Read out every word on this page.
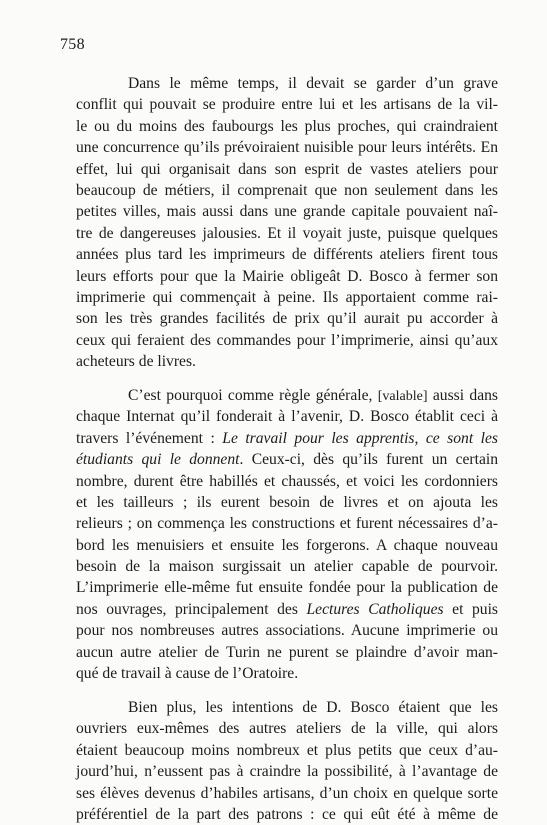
758
Dans le même temps, il devait se garder d’un grave
conflit qui pouvait se produire entre lui et les artisans de la vil-
le ou du moins des faubourgs les plus proches, qui craindraient
une concurrence qu’ils prévoiraient nuisible pour leurs intérêts. En
effet, lui qui organisait dans son esprit de vastes ateliers pour
beaucoup de métiers, il comprenait que non seulement dans les
petites villes, mais aussi dans une grande capitale pouvaient naî-
tre de dangereuses jalousies. Et il voyait juste, puisque quelques
années plus tard les imprimeurs de différents ateliers firent tous
leurs efforts pour que la Mairie obligeât D. Bosco à fermer son
imprimerie qui commençait à peine. Ils apportaient comme rai-
son les très grandes facilités de prix qu’il aurait pu accorder à
ceux qui feraient des commandes pour l’imprimerie, ainsi qu’aux
acheteurs de livres.
C’est pourquoi comme règle générale, [valable] aussi dans
chaque Internat qu’il fonderait à l’avenir, D. Bosco établit ceci à
travers l’événement : Le travail pour les apprentis, ce sont les
étudiants qui le donnent. Ceux-ci, dès qu’ils furent un certain
nombre, durent être habillés et chaussés, et voici les cordonniers
et les tailleurs ; ils eurent besoin de livres et on ajouta les
relieurs ; on commença les constructions et furent nécessaires d’a-
bord les menuisiers et ensuite les forgerons. A chaque nouveau
besoin de la maison surgissait un atelier capable de pourvoir.
L’imprimerie elle-même fut ensuite fondée pour la publication de
nos ouvrages, principalement des Lectures Catholiques et puis
pour nos nombreuses autres associations. Aucune imprimerie ou
aucun autre atelier de Turin ne purent se plaindre d’avoir man-
qué de travail à cause de l’Oratoire.
Bien plus, les intentions de D. Bosco étaient que les
ouvriers eux-mêmes des autres ateliers de la ville, qui alors
étaient beaucoup moins nombreux et plus petits que ceux d’au-
jourd’hui, n’eussent pas à craindre la possibilité, à l’avantage de
ses élèves devenus d’habiles artisans, d’un choix en quelque sorte
préférentiel de la part des patrons : ce qui eût été à même de
